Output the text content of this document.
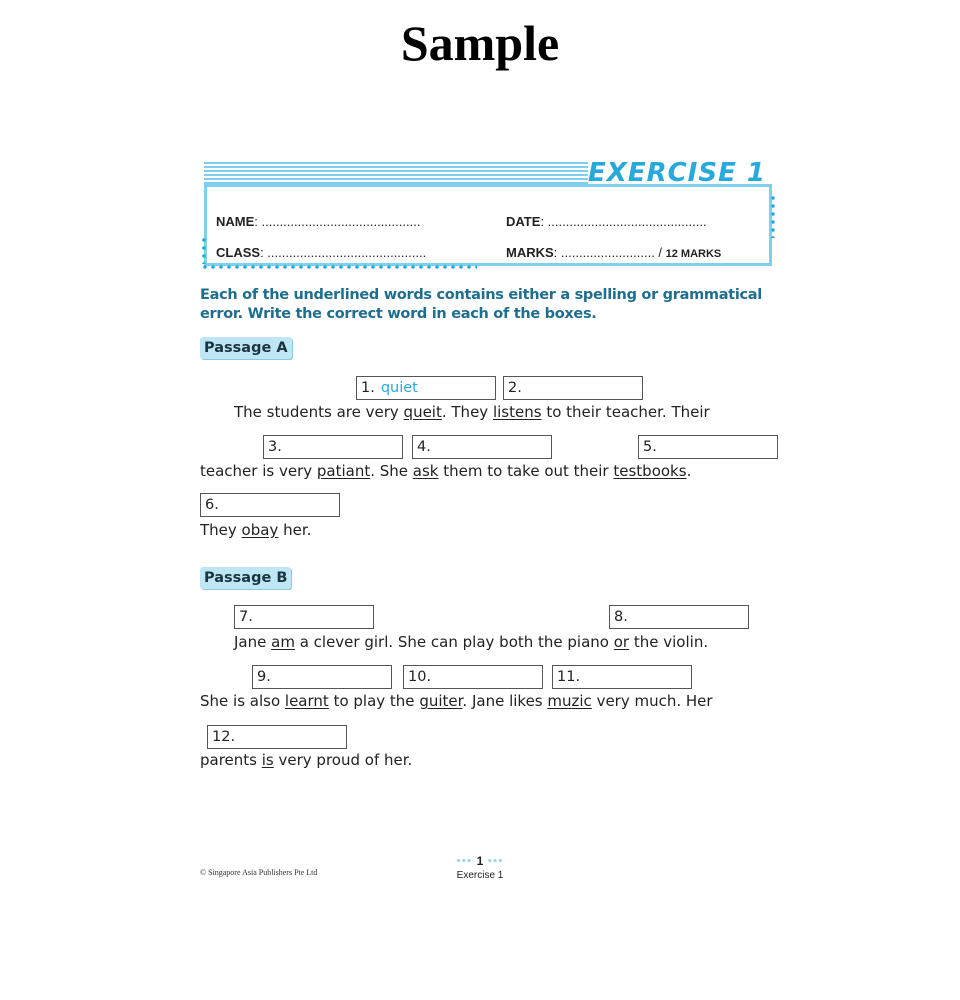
Sample
EXERCISE 1
NAME: ............................................	DATE: ............................................
CLASS: ............................................	MARKS: .......................... / 12 MARKS
Each of the underlined words contains either a spelling or grammatical error. Write the correct word in each of the boxes.
Passage A
1. quiet	2.
The students are very queit. They listens to their teacher. Their
3.	4.	5.
teacher is very patiant. She ask them to take out their testbooks.
6.
They obay her.
Passage B
7.	8.
Jane am a clever girl. She can play both the piano or the violin.
9.	10.	11.
She is also learnt to play the guiter. Jane likes muzic very much. Her
12.
parents is very proud of her.
© Singapore Asia Publishers Pte Ltd
●●● 1 ●●●
Exercise 1
